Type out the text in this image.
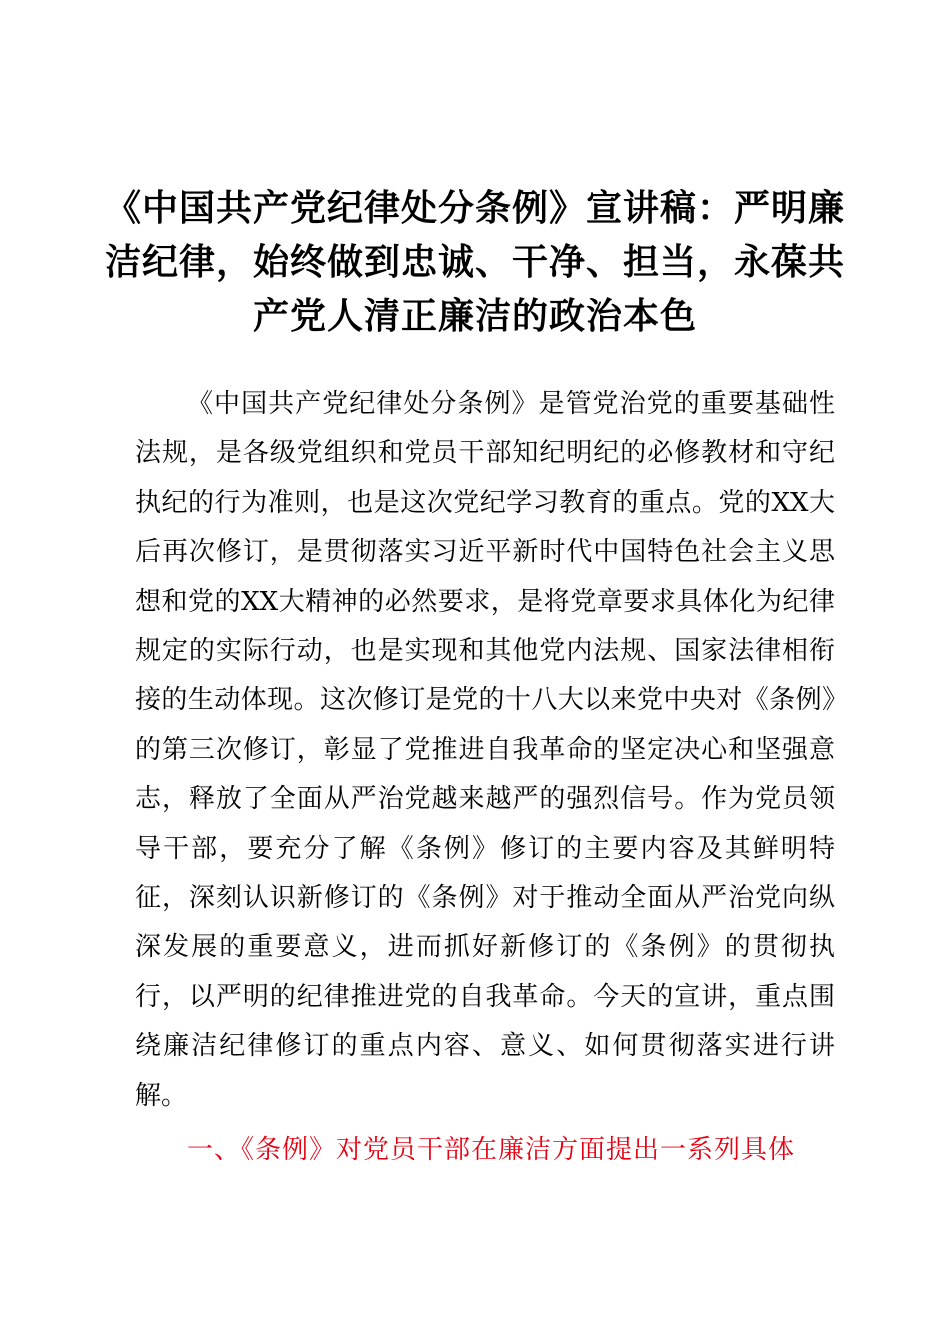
《中国共产党纪律处分条例》宣讲稿：严明廉洁纪律，始终做到忠诚、干净、担当，永葆共产党人清正廉洁的政治本色

《中国共产党纪律处分条例》是管党治党的重要基础性法规，是各级党组织和党员干部知纪明纪的必修教材和守纪执纪的行为准则，也是这次党纪学习教育的重点。党的XX大后再次修订，是贯彻落实习近平新时代中国特色社会主义思想和党的XX大精神的必然要求，是将党章要求具体化为纪律规定的实际行动，也是实现和其他党内法规、国家法律相衔接的生动体现。这次修订是党的十八大以来党中央对《条例》的第三次修订，彰显了党推进自我革命的坚定决心和坚强意志，释放了全面从严治党越来越严的强烈信号。作为党员领导干部，要充分了解《条例》修订的主要内容及其鲜明特征，深刻认识新修订的《条例》对于推动全面从严治党向纵深发展的重要意义，进而抓好新修订的《条例》的贯彻执行，以严明的纪律推进党的自我革命。今天的宣讲，重点围绕廉洁纪律修订的重点内容、意义、如何贯彻落实进行讲解。

一、《条例》对党员干部在廉洁方面提出一系列具体
